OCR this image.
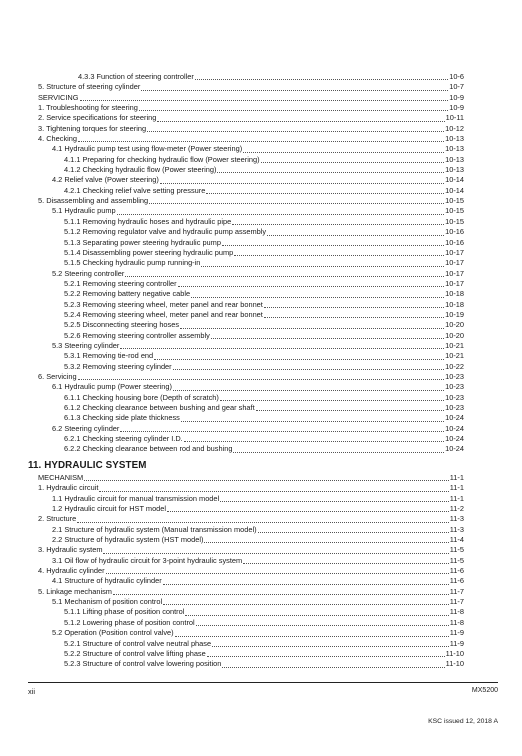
4.3.3 Function of steering controller	10-6
5. Structure of steering cylinder	10-7
SERVICING	10-9
1. Troubleshooting for steering	10-9
2. Service specifications for steering	10-11
3. Tightening torques for steering	10-12
4. Checking	10-13
4.1 Hydraulic pump test using flow-meter (Power steering)	10-13
4.1.1 Preparing for checking hydraulic flow (Power steering)	10-13
4.1.2 Checking hydraulic flow (Power steering)	10-13
4.2 Relief valve (Power steering)	10-14
4.2.1 Checking relief valve setting pressure	10-14
5. Disassembling and assembling	10-15
5.1 Hydraulic pump	10-15
5.1.1 Removing hydraulic hoses and hydraulic pipe	10-15
5.1.2 Removing regulator valve and hydraulic pump assembly	10-16
5.1.3 Separating power steering hydraulic pump	10-16
5.1.4 Disassembling power steering hydraulic pump	10-17
5.1.5 Checking hydraulic pump running-in	10-17
5.2 Steering controller	10-17
5.2.1 Removing steering controller	10-17
5.2.2 Removing battery negative cable	10-18
5.2.3 Removing steering wheel, meter panel and rear bonnet	10-18
5.2.4 Removing steering wheel, meter panel and rear bonnet	10-19
5.2.5 Disconnecting steering hoses	10-20
5.2.6 Removing steering controller assembly	10-20
5.3 Steering cylinder	10-21
5.3.1 Removing tie-rod end	10-21
5.3.2 Removing steering cylinder	10-22
6. Servicing	10-23
6.1 Hydraulic pump (Power steering)	10-23
6.1.1 Checking housing bore (Depth of scratch)	10-23
6.1.2 Checking clearance between bushing and gear shaft	10-23
6.1.3 Checking side plate thickness	10-24
6.2 Steering cylinder	10-24
6.2.1 Checking steering cylinder I.D.	10-24
6.2.2 Checking clearance between rod and bushing	10-24
11. HYDRAULIC SYSTEM
MECHANISM	11-1
1. Hydraulic circuit	11-1
1.1 Hydraulic circuit for manual transmission model	11-1
1.2 Hydraulic circuit for HST model	11-2
2. Structure	11-3
2.1 Structure of hydraulic system (Manual transmission model)	11-3
2.2 Structure of hydraulic system (HST model)	11-4
3. Hydraulic system	11-5
3.1 Oil flow of hydraulic circuit for 3-point hydraulic system	11-5
4. Hydraulic cylinder	11-6
4.1 Structure of hydraulic cylinder	11-6
5. Linkage mechanism	11-7
5.1 Mechanism of position control	11-7
5.1.1 Lifting phase of position control	11-8
5.1.2 Lowering phase of position control	11-8
5.2 Operation (Position control valve)	11-9
5.2.1 Structure of control valve neutral phase	11-9
5.2.2 Structure of control valve lifting phase	11-10
5.2.3 Structure of control valve lowering position	11-10
xii	MX5200
KSC issued 12, 2018 A
